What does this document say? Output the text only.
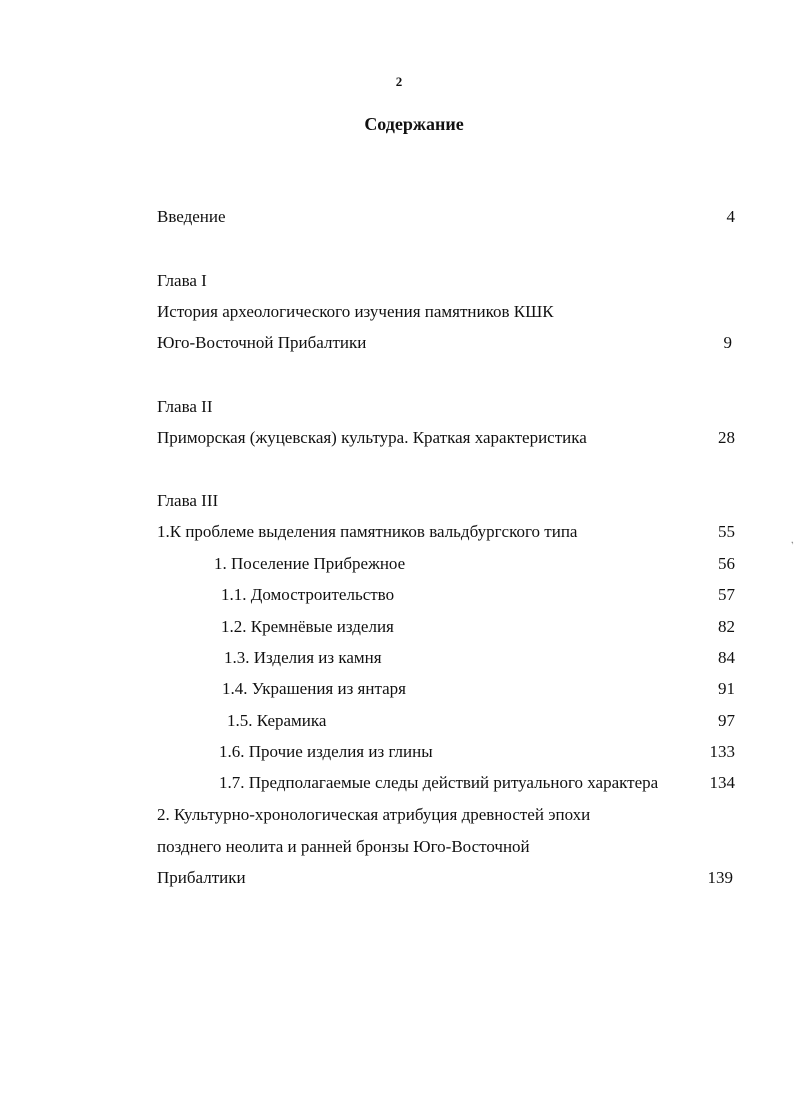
2
Содержание
Введение	4
Глава I
История археологического изучения памятников КШК
Юго-Восточной Прибалтики	9
Глава II
Приморская (жуцевская) культура. Краткая характеристика	28
Глава III
1.К проблеме выделения памятников вальдбургского типа	55
1. Поселение Прибрежное	56
1.1. Домостроительство	57
1.2. Кремнёвые изделия	82
1.3. Изделия из камня	84
1.4. Украшения из янтаря	91
1.5. Керамика	97
1.6. Прочие изделия из глины	133
1.7. Предполагаемые следы действий ритуального характера	134
2. Культурно-хронологическая атрибуция древностей эпохи
позднего неолита и ранней бронзы Юго-Восточной
Прибалтики	139
,
